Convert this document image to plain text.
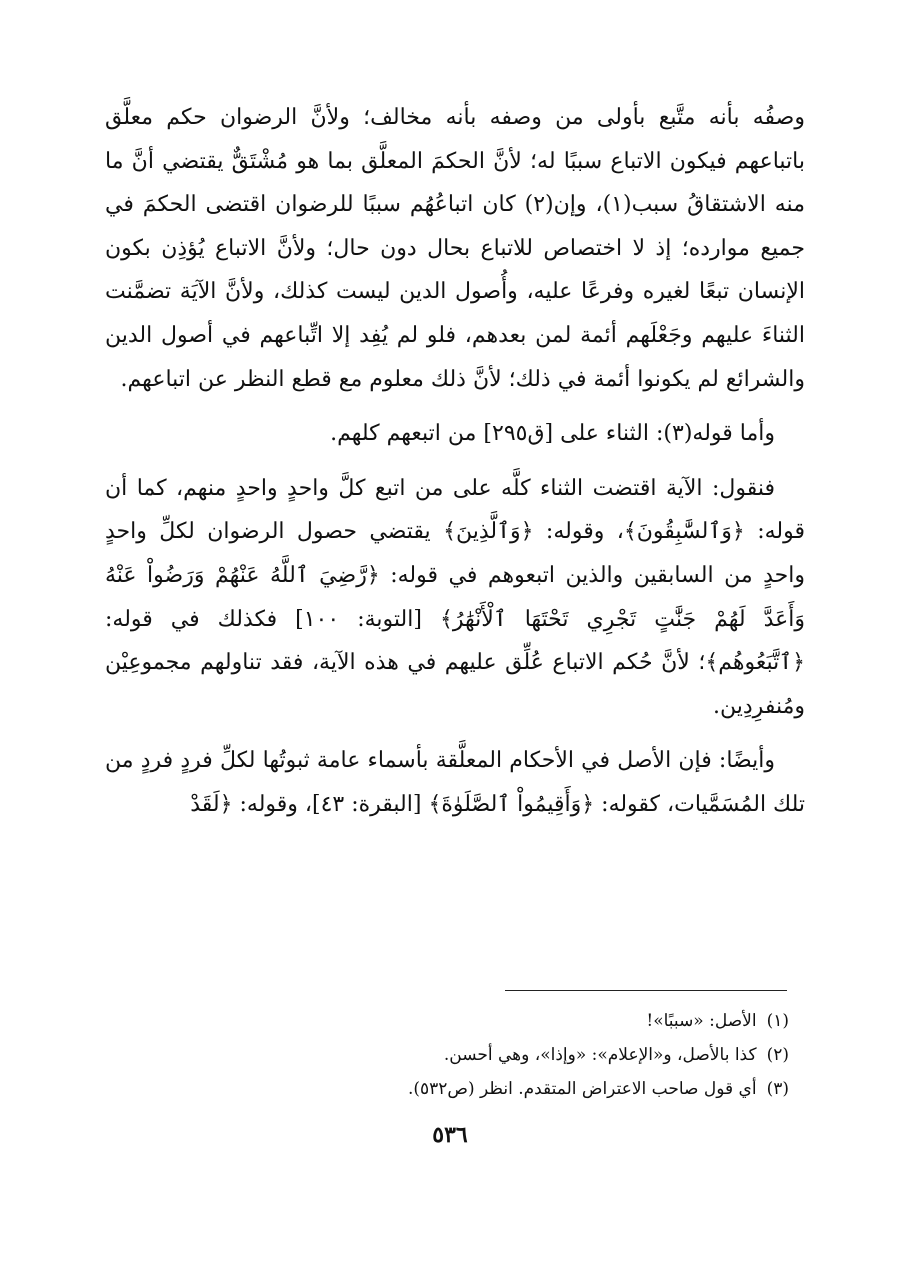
وصفُه بأنه متَّبع بأولى من وصفه بأنه مخالف؛ ولأنَّ الرضوان حكم معلَّق باتباعهم فيكون الاتباع سببًا له؛ لأنَّ الحكمَ المعلَّق بما هو مُشْتَقٌّ يقتضي أنَّ ما منه الاشتقاقُ سبب(١)، وإن(٢) كان اتباعُهُم سببًا للرضوان اقتضى الحكمَ في جميع موارده؛ إذ لا اختصاص للاتباع بحال دون حال؛ ولأنَّ الاتباع يُؤذِن بكون الإنسان تبعًا لغيره وفرعًا عليه، وأُصول الدين ليست كذلك، ولأنَّ الآيَة تضمَّنت الثناءَ عليهم وجَعْلَهم أئمة لمن بعدهم، فلو لم يُفِد إلا اتِّباعهم في أصول الدين والشرائع لم يكونوا أئمة في ذلك؛ لأنَّ ذلك معلوم مع قطع النظر عن اتباعهم.

وأما قوله(٣): الثناء على [ق٢٩٥] من اتبعهم كلهم.

فنقول: الآية اقتضت الثناء كلَّه على من اتبع كلَّ واحدٍ واحدٍ منهم، كما أن قوله: ﴿وَٱلسَّٰبِقُونَ﴾، وقوله: ﴿وَٱلَّذِينَ﴾ يقتضي حصول الرضوان لكلِّ واحدٍ واحدٍ من السابقين والذين اتبعوهم في قوله: ﴿رَّضِيَ ٱللَّهُ عَنْهُمْ وَرَضُواْ عَنْهُ وَأَعَدَّ لَهُمْ جَنَّٰتٍ تَجْرِي تَحْتَهَا ٱلْأَنْهَٰرُ﴾ [التوبة: ١٠٠] فكذلك في قوله: ﴿ٱتَّبَعُوهُم﴾؛ لأنَّ حُكم الاتباع عُلِّق عليهم في هذه الآية، فقد تناولهم مجموعِيْن ومُنفرِدِين.

وأيضًا: فإن الأصل في الأحكام المعلَّقة بأسماء عامة ثبوتُها لكلِّ فردٍ فردٍ من تلك المُسَمَّيات، كقوله: ﴿وَأَقِيمُواْ ٱلصَّلَوٰةَ﴾ [البقرة: ٤٣]، وقوله: ﴿لَقَدْ

(١)الأصل: «سببًا»!

(٢)كذا بالأصل، و«الإعلام»: «وإذا»، وهي أحسن.

(٣)أي قول صاحب الاعتراض المتقدم. انظر (ص٥٣٢).

٥٣٦
